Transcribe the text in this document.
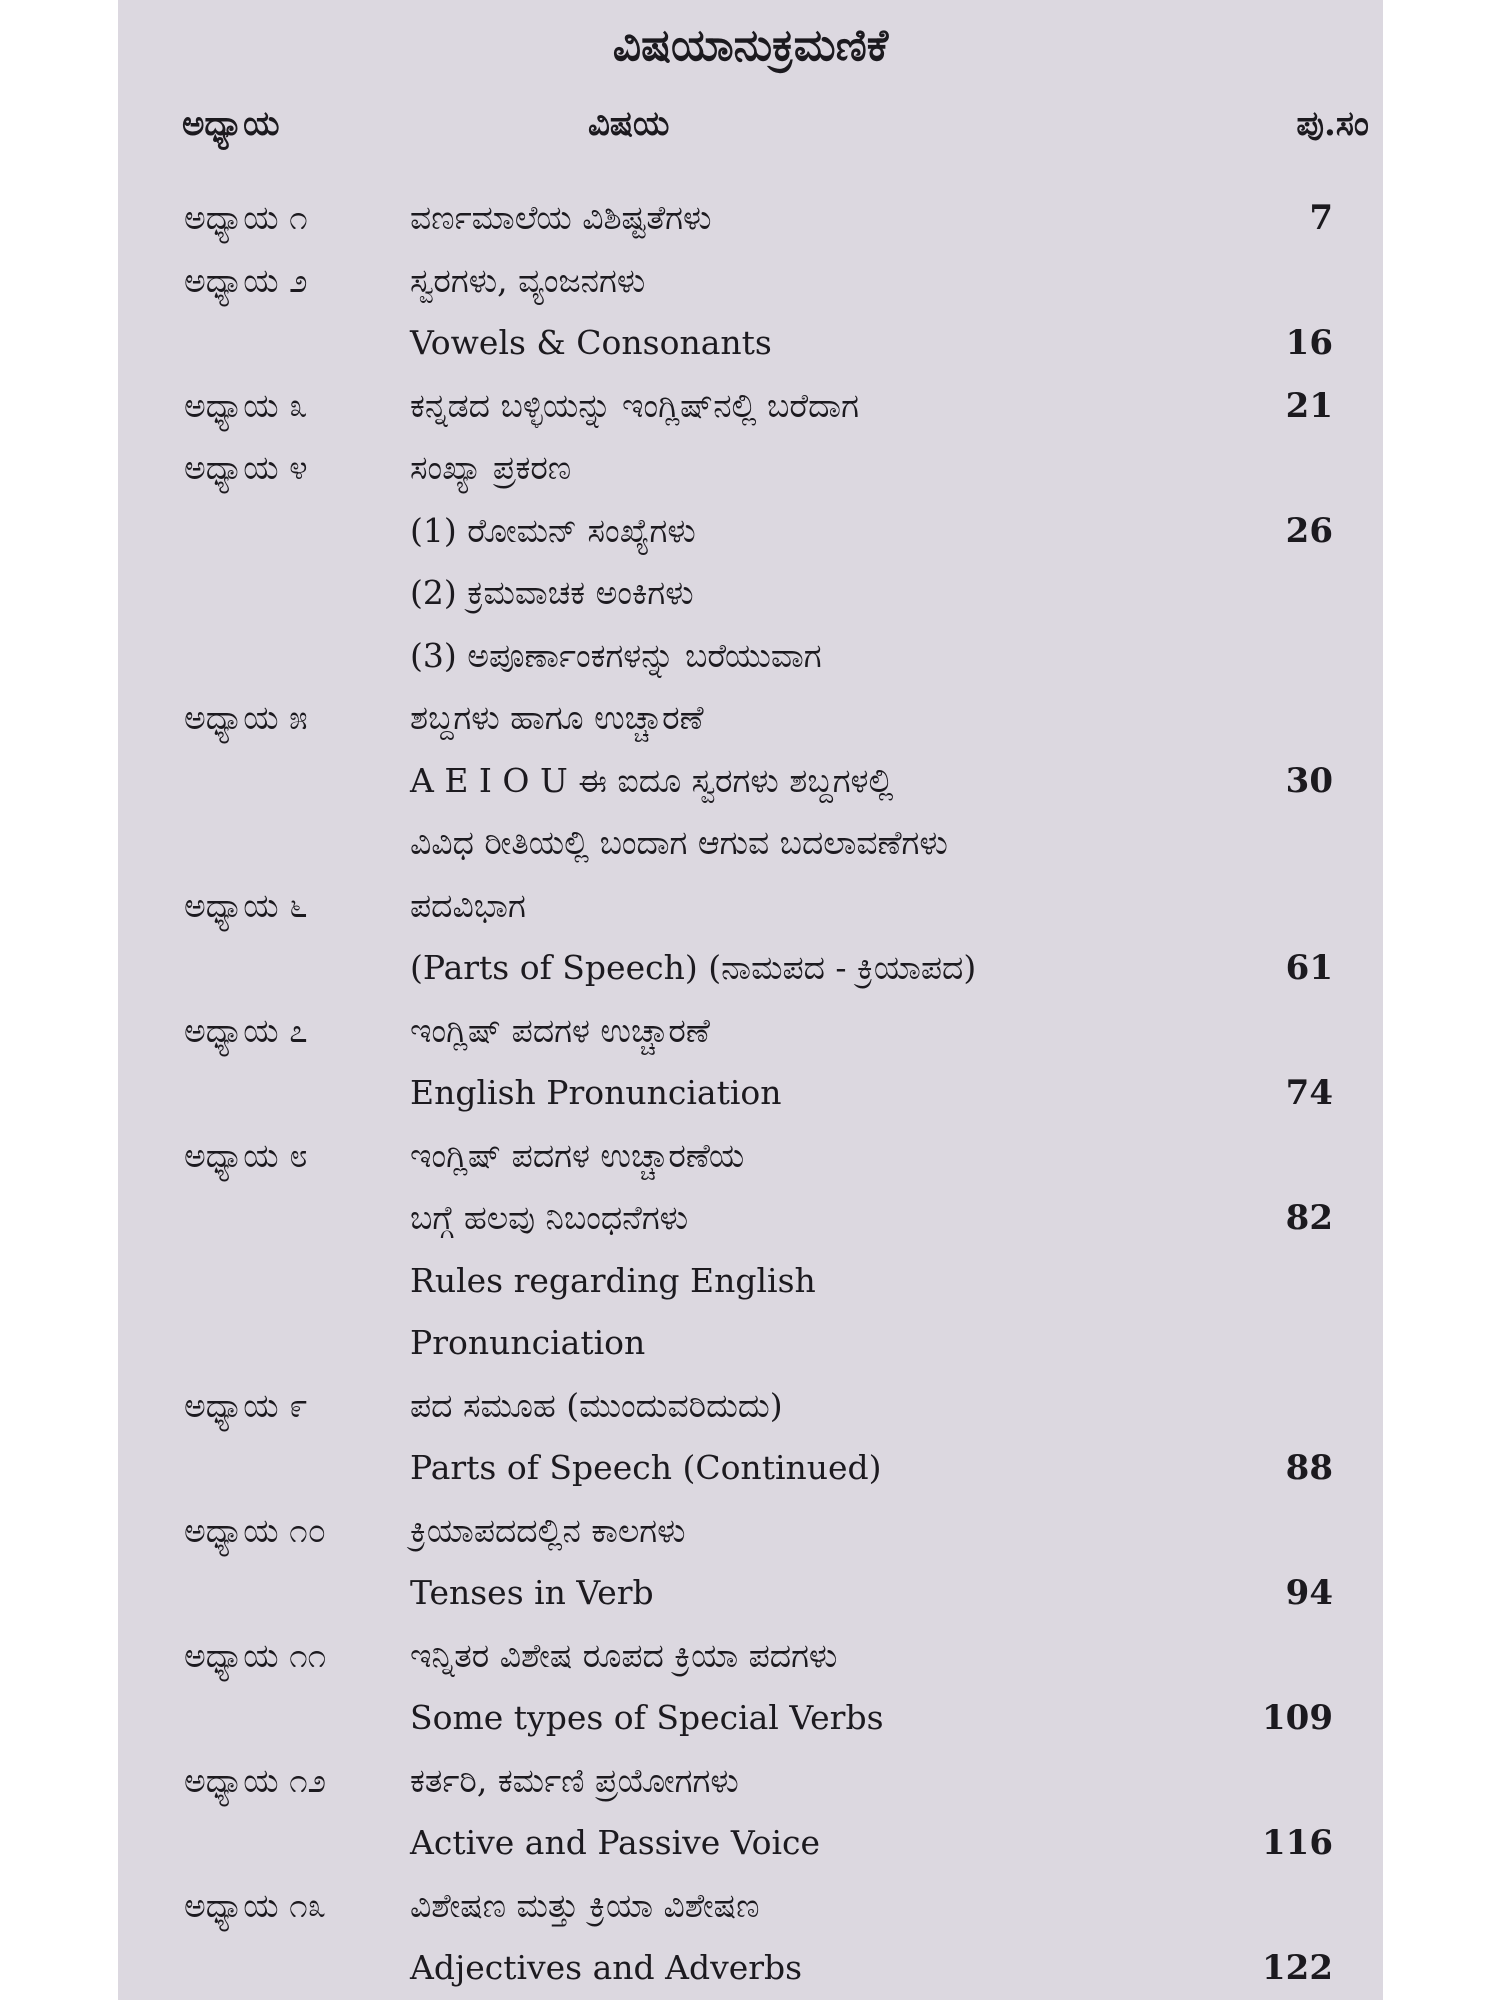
ವಿಷಯಾನುಕ್ರಮಣಿಕೆ
ಅಧ್ಯಾಯ	ವಿಷಯ	ಪು.ಸಂ
ಅಧ್ಯಾಯ ೧	ವರ್ಣಮಾಲೆಯ ವಿಶಿಷ್ಟತೆಗಳು	7
ಅಧ್ಯಾಯ ೨	ಸ್ವರಗಳು, ವ್ಯಂಜನಗಳು
Vowels & Consonants	16
ಅಧ್ಯಾಯ ೩	ಕನ್ನಡದ ಬಳ್ಳಿಯನ್ನು ಇಂಗ್ಲಿಷ್‌ನಲ್ಲಿ ಬರೆದಾಗ	21
ಅಧ್ಯಾಯ ೪	ಸಂಖ್ಯಾ ಪ್ರಕರಣ
(1) ರೋಮನ್ ಸಂಖ್ಯೆಗಳು	26
(2) ಕ್ರಮವಾಚಕ ಅಂಕಿಗಳು
(3) ಅಪೂರ್ಣಾಂಕಗಳನ್ನು ಬರೆಯುವಾಗ
ಅಧ್ಯಾಯ ೫	ಶಬ್ದಗಳು ಹಾಗೂ ಉಚ್ಚಾರಣೆ
A E I O U ಈ ಐದೂ ಸ್ವರಗಳು ಶಬ್ದಗಳಲ್ಲಿ	30
ವಿವಿಧ ರೀತಿಯಲ್ಲಿ ಬಂದಾಗ ಆಗುವ ಬದಲಾವಣೆಗಳು
ಅಧ್ಯಾಯ ೬	ಪದವಿಭಾಗ
(Parts of Speech) (ನಾಮಪದ - ಕ್ರಿಯಾಪದ)	61
ಅಧ್ಯಾಯ ೭	ಇಂಗ್ಲಿಷ್ ಪದಗಳ ಉಚ್ಚಾರಣೆ
English Pronunciation	74
ಅಧ್ಯಾಯ ೮	ಇಂಗ್ಲಿಷ್ ಪದಗಳ ಉಚ್ಚಾರಣೆಯ
ಬಗ್ಗೆ ಹಲವು ನಿಬಂಧನೆಗಳು	82
Rules regarding English
Pronunciation
ಅಧ್ಯಾಯ ೯	ಪದ ಸಮೂಹ (ಮುಂದುವರಿದುದು)
Parts of Speech (Continued)	88
ಅಧ್ಯಾಯ ೧೦	ಕ್ರಿಯಾಪದದಲ್ಲಿನ ಕಾಲಗಳು
Tenses in Verb	94
ಅಧ್ಯಾಯ ೧೧	ಇನ್ನಿತರ ವಿಶೇಷ ರೂಪದ ಕ್ರಿಯಾ ಪದಗಳು
Some types of Special Verbs	109
ಅಧ್ಯಾಯ ೧೨	ಕರ್ತರಿ, ಕರ್ಮಣಿ ಪ್ರಯೋಗಗಳು
Active and Passive Voice	116
ಅಧ್ಯಾಯ ೧೩	ವಿಶೇಷಣ ಮತ್ತು ಕ್ರಿಯಾ ವಿಶೇಷಣ
Adjectives and Adverbs	122
